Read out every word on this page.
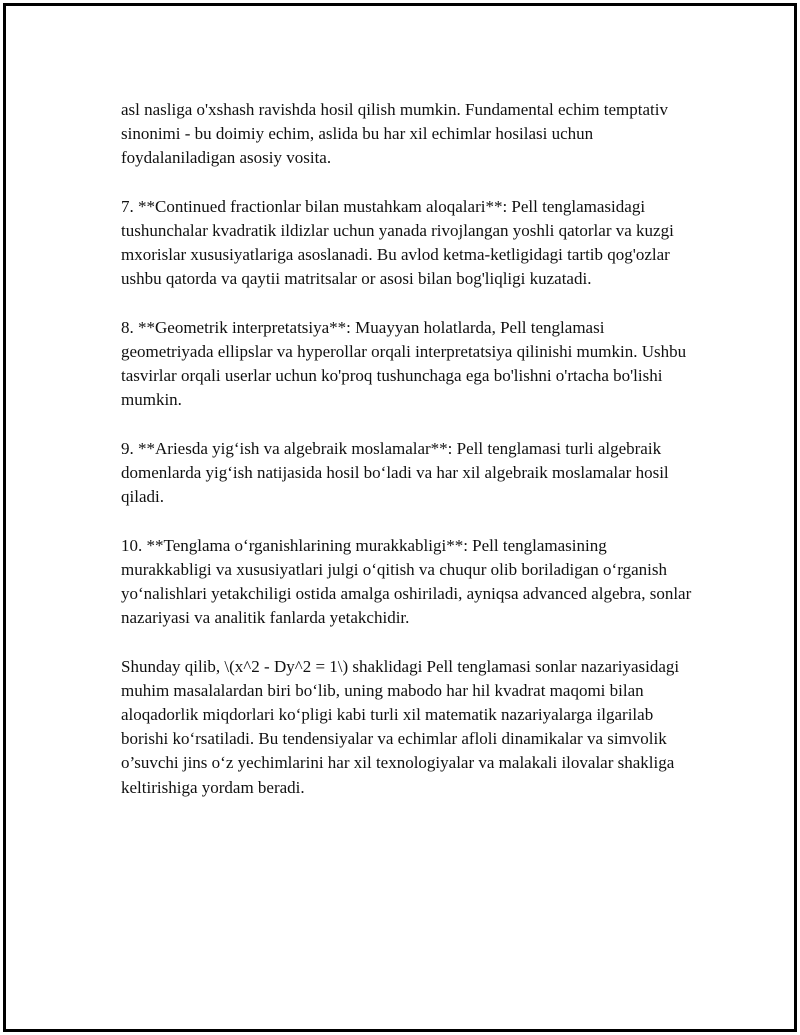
asl nasliga o'xshash ravishda hosil qilish mumkin. Fundamental echim temptativ sinonimi - bu doimiy echim, aslida bu har xil echimlar hosilasi uchun foydalaniladigan asosiy vosita.

7. **Continued fractionlar bilan mustahkam aloqalari**: Pell tenglamasidagi tushunchalar kvadratik ildizlar uchun yanada rivojlangan yoshli qatorlar va kuzgi mxorislar xususiyatlariga asoslanadi. Bu avlod ketma-ketligidagi tartib qog'ozlar ushbu qatorda va qaytii matritsalar or asosi bilan bog'liqligi kuzatadi.

8. **Geometrik interpretatsiya**: Muayyan holatlarda, Pell tenglamasi geometriyada ellipslar va hyperollar orqali interpretatsiya qilinishi mumkin. Ushbu tasvirlar orqali userlar uchun ko'proq tushunchaga ega bo'lishni o'rtacha bo'lishi mumkin.

9. **Ariesda yig‘ish va algebraik moslamalar**: Pell tenglamasi turli algebraik domenlarda yig‘ish natijasida hosil bo‘ladi va har xil algebraik moslamalar hosil qiladi.

10. **Tenglama o‘rganishlarining murakkabligi**: Pell tenglamasining murakkabligi va xususiyatlari julgi o‘qitish va chuqur olib boriladigan o‘rganish yo‘nalishlari yetakchiligi ostida amalga oshiriladi, ayniqsa advanced algebra, sonlar nazariyasi va analitik fanlarda yetakchidir.

Shunday qilib, \(x^2 - Dy^2 = 1\) shaklidagi Pell tenglamasi sonlar nazariyasidagi muhim masalalardan biri bo‘lib, uning mabodo har hil kvadrat maqomi bilan aloqadorlik miqdorlari ko‘pligi kabi turli xil matematik nazariyalarga ilgarilab borishi ko‘rsatiladi. Bu tendensiyalar va echimlar afloli dinamikalar va simvolik o’suvchi jins o‘z yechimlarini har xil texnologiyalar va malakali ilovalar shakliga keltirishiga yordam beradi.
